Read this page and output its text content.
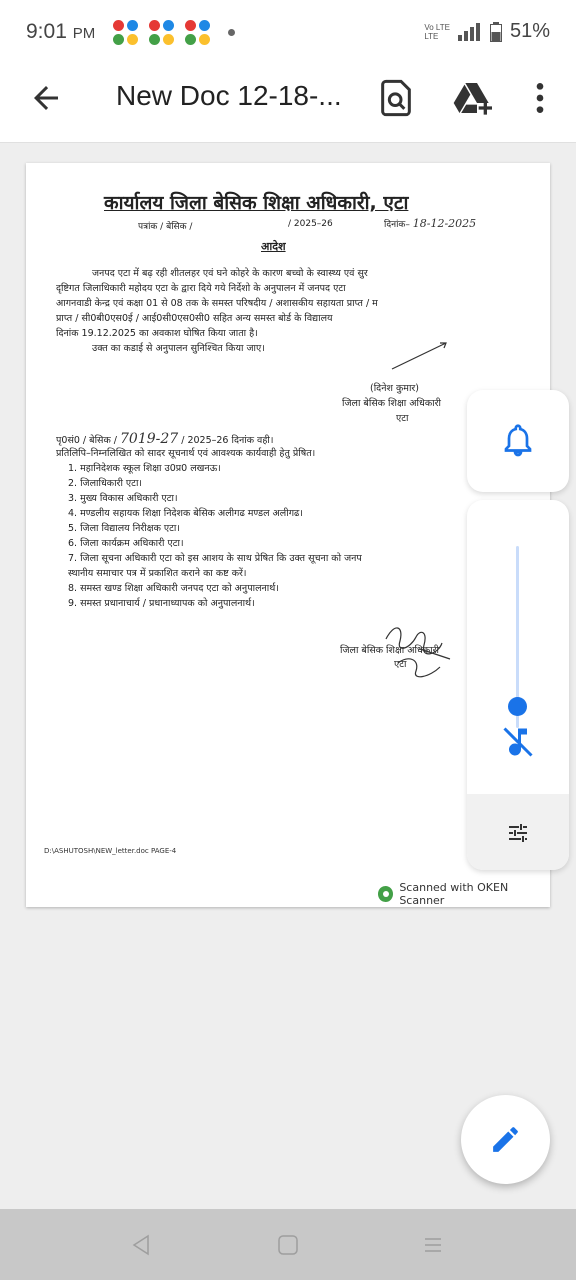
9:01 PM	Vo LTE
LTE	51%
New Doc 12-18-...
कार्यालय जिला बेसिक शिक्षा अधिकारी, एटा
पत्रांक / बेसिक /	/ 2025–26	दिनांक– 18-12-2025
आदेश
जनपद एटा में बढ़ रही शीतलहर एवं घने कोहरे के कारण बच्चो के स्वास्थ्य एवं सुर
दृष्टिगत जिलाधिकारी महोदय एटा के द्वारा दिये गये निर्देशो के अनुपालन में जनपद एटा
आगनवाडी केन्द्र एवं कक्षा 01 से 08 तक के समस्त परिषदीय / अशासकीय सहायता प्राप्त / म
प्राप्त / सी0बी0एस0ई / आई0सी0एस0सी0 सहित अन्य समस्त बोर्ड के विद्यालय
दिनांक 19.12.2025 का अवकाश घोषित किया जाता है।
उक्त का कडाई से अनुपालन सुनिश्चित किया जाए।
(दिनेश कुमार)
जिला बेसिक शिक्षा अधिकारी
एटा
पृ0सं0 / बेसिक / 7019-27 / 2025–26 दिनांक वही।
प्रतिलिपि–निम्नलिखित को सादर सूचनार्थ एवं आवश्यक कार्यवाही हेतु प्रेषित।
1. महानिदेशक स्कूल शिक्षा उ0प्र0 लखनऊ।
2. जिलाधिकारी एटा।
3. मुख्य विकास अधिकारी एटा।
4. मण्डलीय सहायक शिक्षा निदेशक बेसिक अलीगढ मण्डल अलीगढ।
5. जिला विद्यालय निरीक्षक एटा।
6. जिला कार्यक्रम अधिकारी एटा।
7. जिला सूचना अधिकारी एटा को इस आशय के साथ प्रेषित कि उक्त सूचना को जनप
स्थानीय समाचार पत्र में प्रकाशित कराने का कष्ट करें।
8. समस्त खण्ड शिक्षा अधिकारी जनपद एटा को अनुपालनार्थ।
9. समस्त प्रधानाचार्य / प्रधानाध्यापक को अनुपालनार्थ।
जिला बेसिक शिक्षा अधिकारी
एटा
D:\ASHUTOSH\NEW_letter.doc PAGE-4
Scanned with OKEN Scanner
